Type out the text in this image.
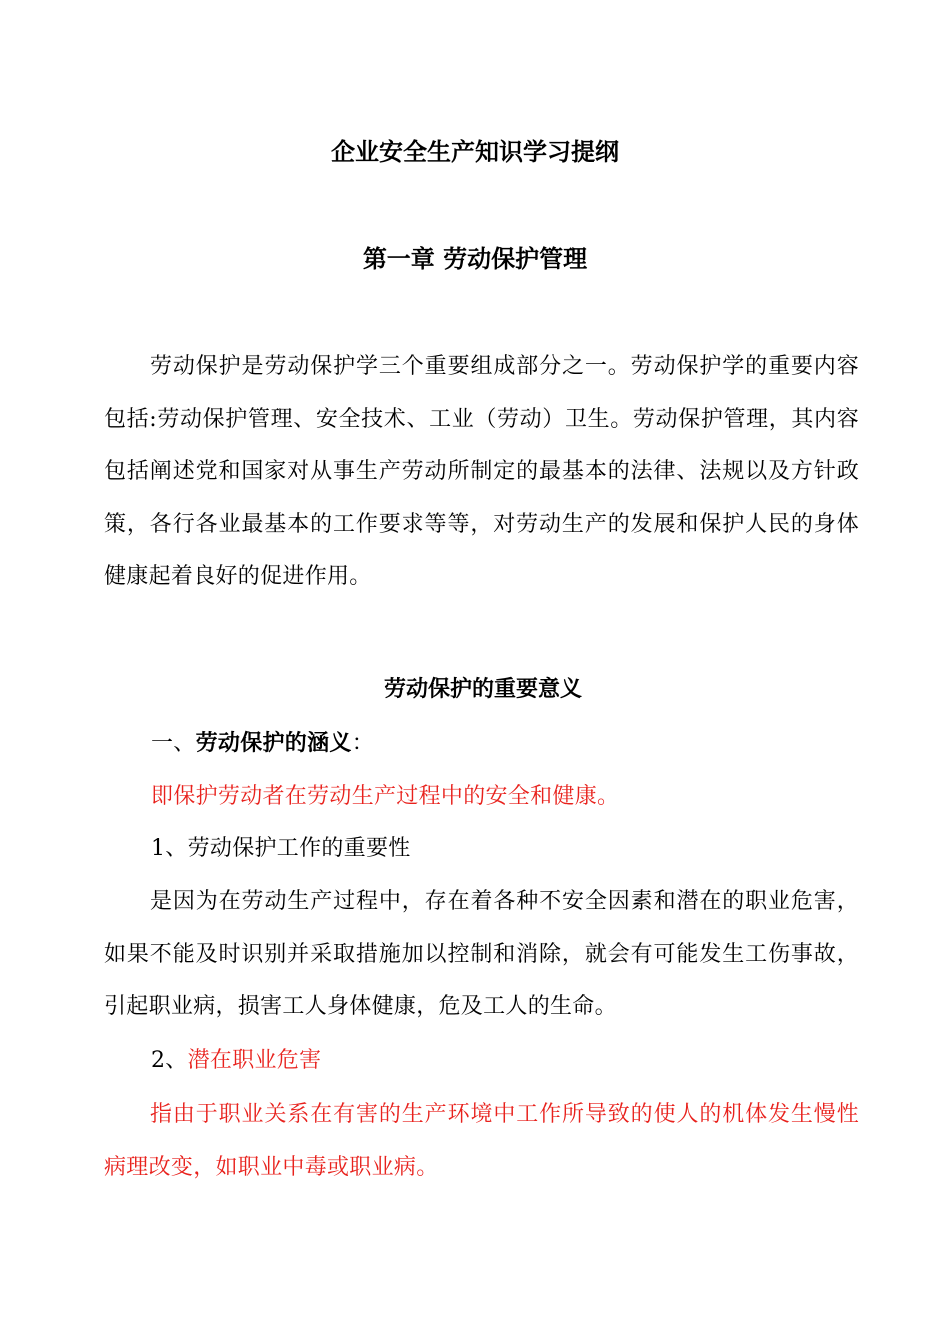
企业安全生产知识学习提纲
第一章 劳动保护管理

劳动保护是劳动保护学三个重要组成部分之一。劳动保护学的重要内容包括:劳动保护管理、安全技术、工业（劳动）卫生。劳动保护管理，其内容包括阐述党和国家对从事生产劳动所制定的最基本的法律、法规以及方针政策，各行各业最基本的工作要求等等，对劳动生产的发展和保护人民的身体健康起着良好的促进作用。

劳动保护的重要意义

一、劳动保护的涵义：

即保护劳动者在劳动生产过程中的安全和健康。

1、劳动保护工作的重要性

是因为在劳动生产过程中，存在着各种不安全因素和潜在的职业危害，如果不能及时识别并采取措施加以控制和消除，就会有可能发生工伤事故，引起职业病，损害工人身体健康，危及工人的生命。

2、潜在职业危害

指由于职业关系在有害的生产环境中工作所导致的使人的机体发生慢性病理改变，如职业中毒或职业病。
